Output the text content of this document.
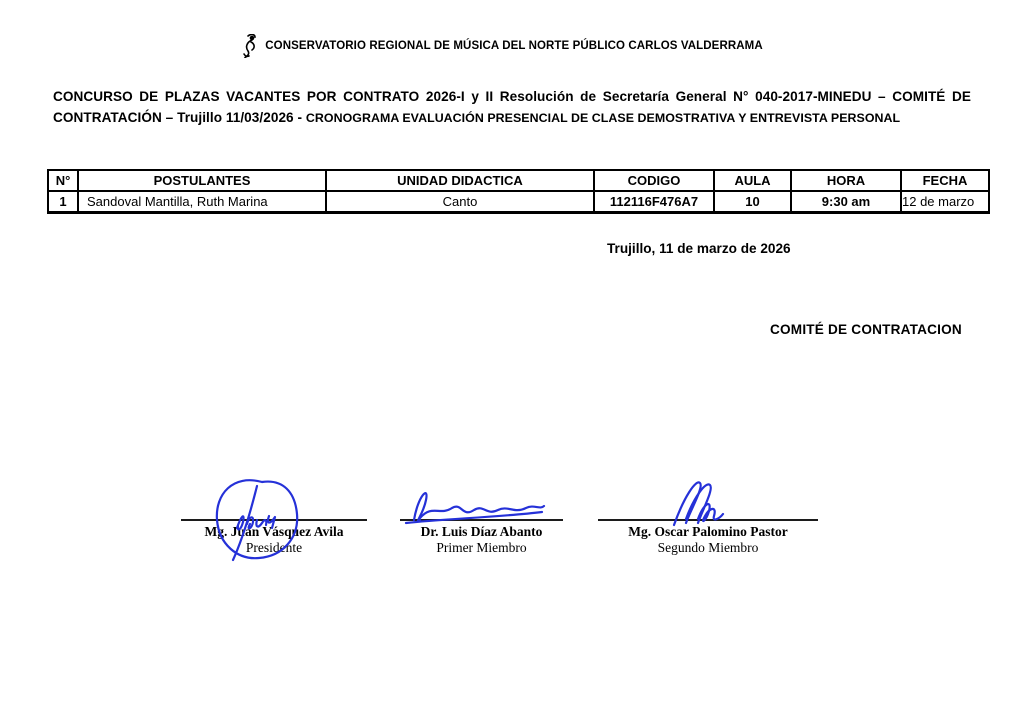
CONSERVATORIO REGIONAL DE MÚSICA DEL NORTE PÚBLICO CARLOS VALDERRAMA
CONCURSO DE PLAZAS VACANTES POR CONTRATO 2026-I y II Resolución de Secretaría General N° 040-2017-MINEDU – COMITÉ DE CONTRATACIÓN – Trujillo 11/03/2026 - CRONOGRAMA EVALUACIÓN PRESENCIAL DE CLASE DEMOSTRATIVA Y ENTREVISTA PERSONAL
N°	POSTULANTES	UNIDAD DIDACTICA	CODIGO	AULA	HORA	FECHA
1	Sandoval Mantilla, Ruth Marina	Canto	112116F476A7	10	9:30 am	12 de marzo
Trujillo, 11 de marzo de 2026
COMITÉ DE CONTRATACION
Mg. Juan Vásquez Avila
Presidente
Dr. Luis Díaz Abanto
Primer Miembro
Mg. Oscar Palomino Pastor
Segundo Miembro
